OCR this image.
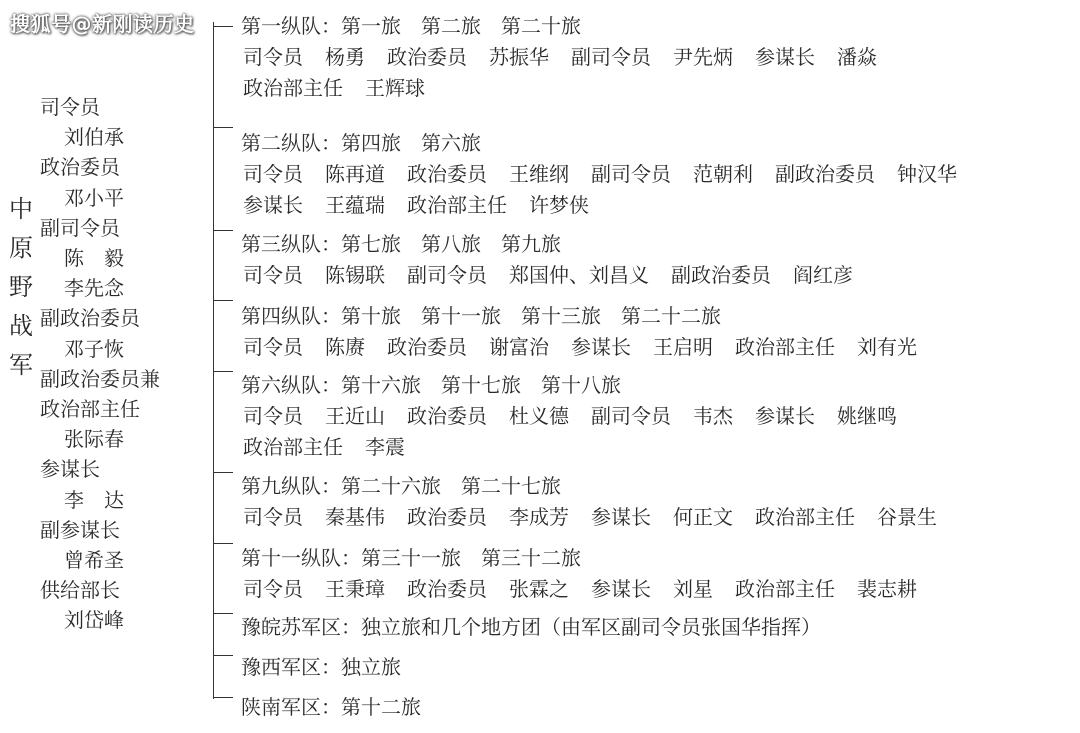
搜狐号@新刚读历史
中
原
野
战
军
司令员
刘伯承
政治委员
邓小平
副司令员
陈　毅
李先念
副政治委员
邓子恢
副政治委员兼
政治部主任
张际春
参谋长
李　达
副参谋长
曾希圣
供给部长
刘岱峰
第一纵队：第一旅　第二旅　第二十旅
司令员 杨勇 政治委员 苏振华 副司令员 尹先炳 参谋长 潘焱
政治部主任 王辉球
第二纵队：第四旅　第六旅
司令员 陈再道 政治委员 王维纲 副司令员 范朝利 副政治委员 钟汉华
参谋长 王蕴瑞 政治部主任 许梦侠
第三纵队：第七旅　第八旅　第九旅
司令员 陈锡联 副司令员 郑国仲、刘昌义 副政治委员 阎红彦
第四纵队：第十旅　第十一旅　第十三旅　第二十二旅
司令员 陈赓 政治委员 谢富治 参谋长 王启明 政治部主任 刘有光
第六纵队：第十六旅　第十七旅　第十八旅
司令员 王近山 政治委员 杜义德 副司令员 韦杰 参谋长 姚继鸣
政治部主任 李震
第九纵队：第二十六旅　第二十七旅
司令员 秦基伟 政治委员 李成芳 参谋长 何正文 政治部主任 谷景生
第十一纵队：第三十一旅　第三十二旅
司令员 王秉璋 政治委员 张霖之 参谋长 刘星 政治部主任 裴志耕
豫皖苏军区：独立旅和几个地方团（由军区副司令员张国华指挥）
豫西军区：独立旅
陕南军区：第十二旅
